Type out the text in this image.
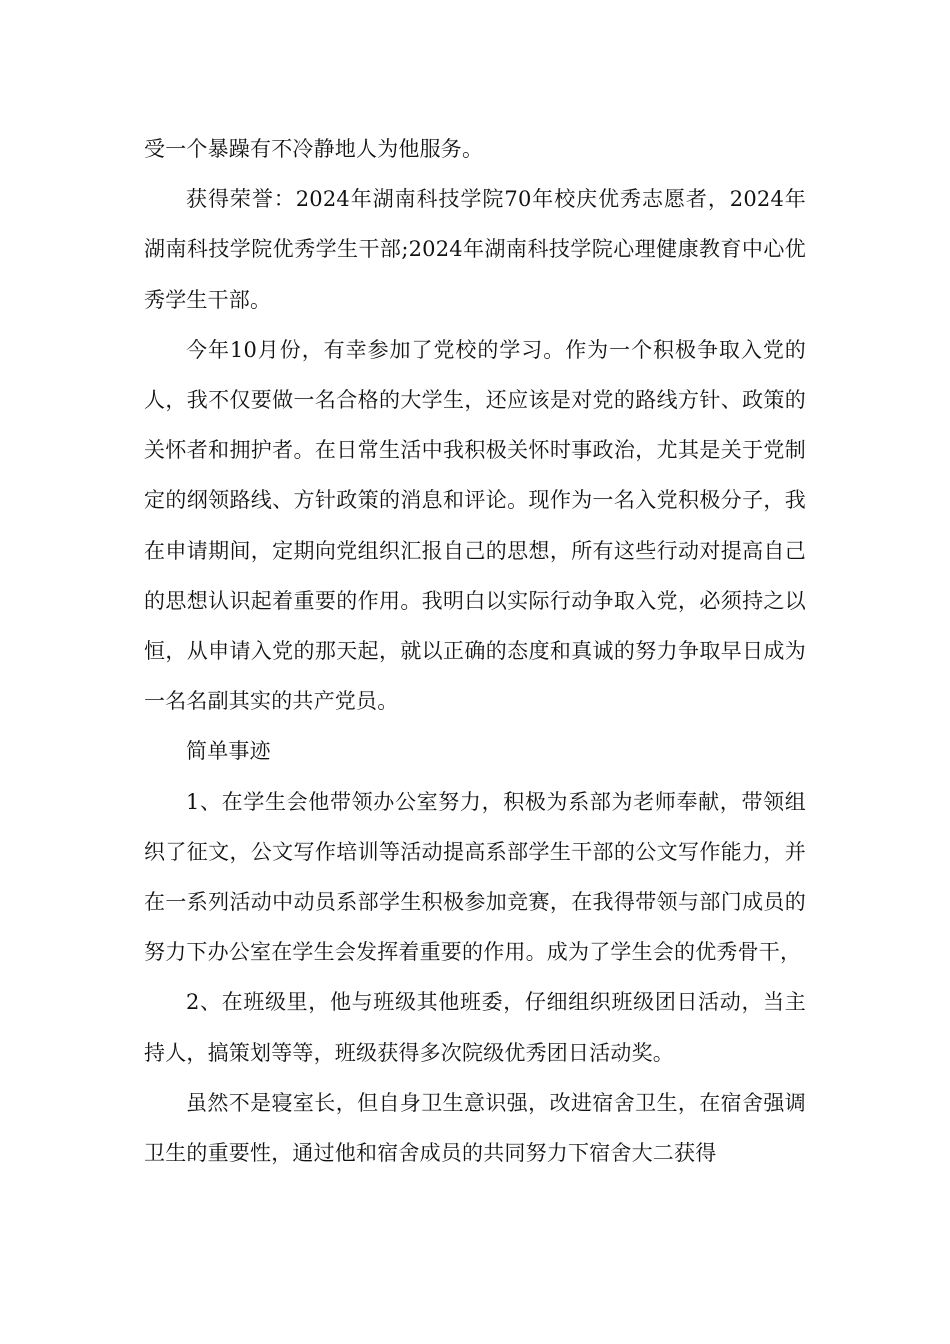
受一个暴躁有不冷静地人为他服务。

获得荣誉：2024年湖南科技学院70年校庆优秀志愿者，2024年湖南科技学院优秀学生干部;2024年湖南科技学院心理健康教育中心优秀学生干部。

今年10月份，有幸参加了党校的学习。作为一个积极争取入党的人，我不仅要做一名合格的大学生，还应该是对党的路线方针、政策的关怀者和拥护者。在日常生活中我积极关怀时事政治，尤其是关于党制定的纲领路线、方针政策的消息和评论。现作为一名入党积极分子，我在申请期间，定期向党组织汇报自己的思想，所有这些行动对提高自己的思想认识起着重要的作用。我明白以实际行动争取入党，必须持之以恒，从申请入党的那天起，就以正确的态度和真诚的努力争取早日成为一名名副其实的共产党员。

简单事迹

1、在学生会他带领办公室努力，积极为系部为老师奉献，带领组织了征文，公文写作培训等活动提高系部学生干部的公文写作能力，并在一系列活动中动员系部学生积极参加竞赛，在我得带领与部门成员的努力下办公室在学生会发挥着重要的作用。成为了学生会的优秀骨干，

2、在班级里，他与班级其他班委，仔细组织班级团日活动，当主持人，搞策划等等，班级获得多次院级优秀团日活动奖。

虽然不是寝室长，但自身卫生意识强，改进宿舍卫生，在宿舍强调卫生的重要性，通过他和宿舍成员的共同努力下宿舍大二获得
